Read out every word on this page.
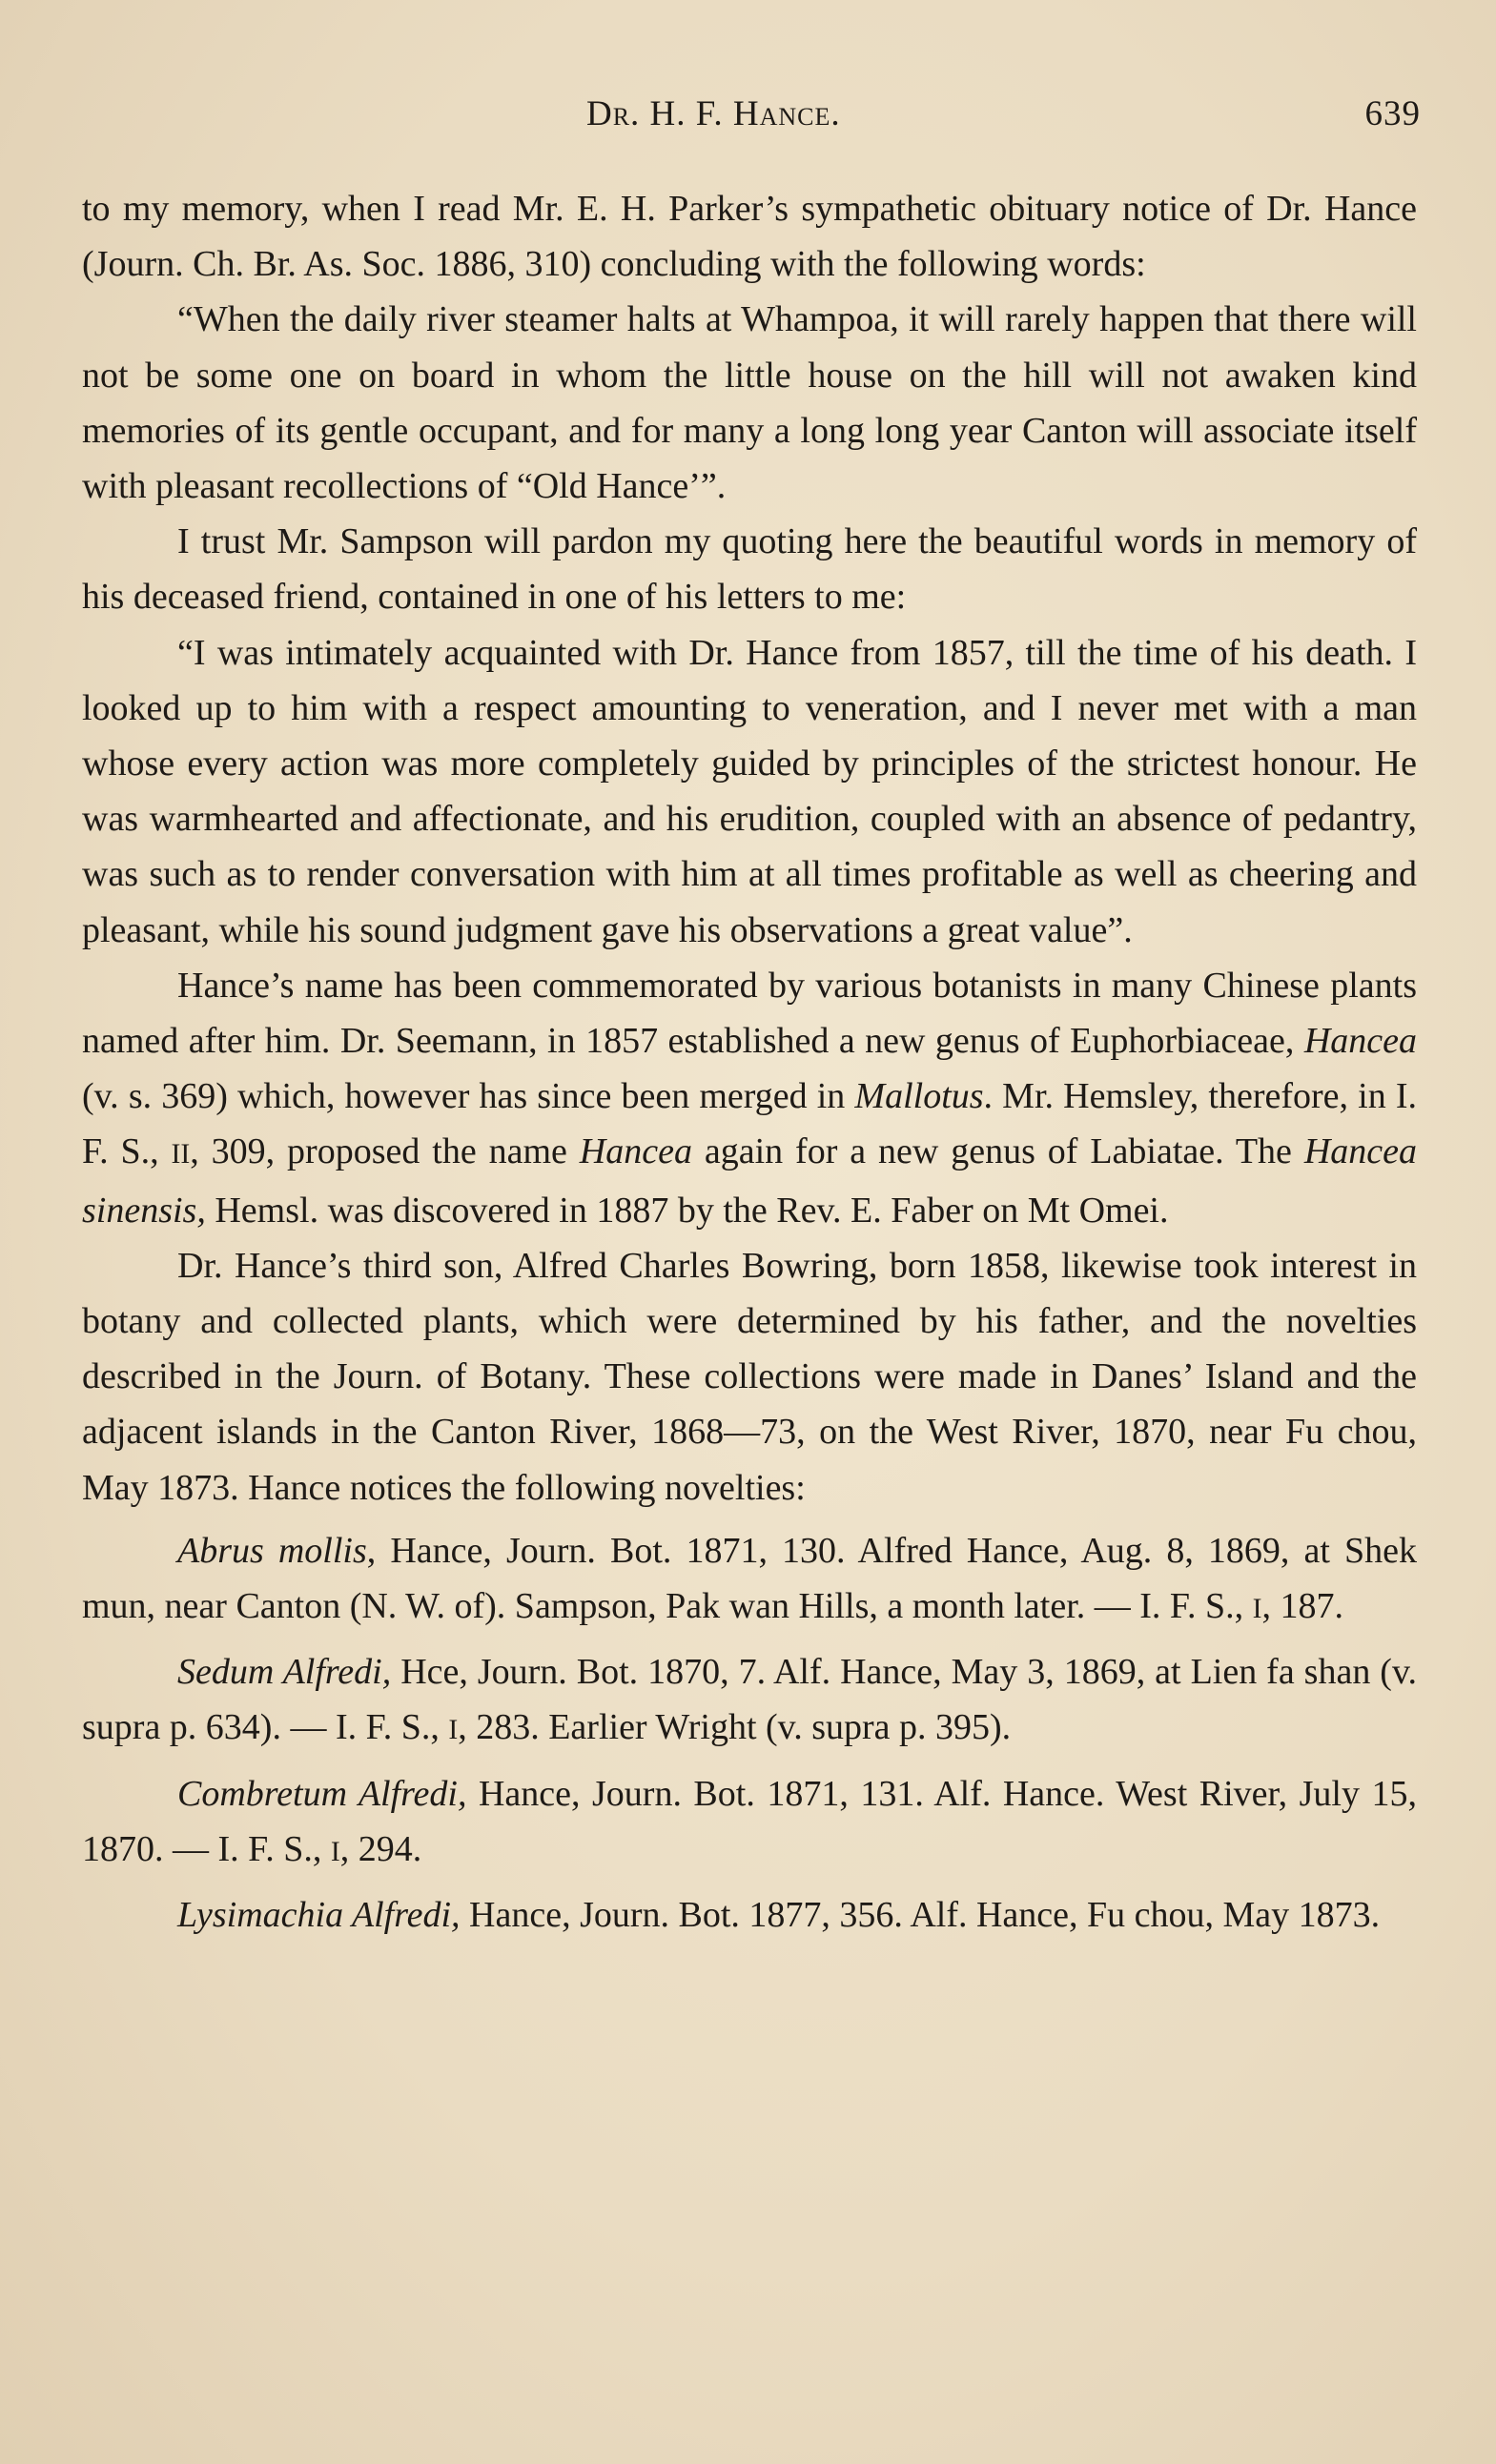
Dr. H. F. Hance.	639

to my memory, when I read Mr. E. H. Parker’s sympathetic obituary notice of Dr. Hance (Journ. Ch. Br. As. Soc. 1886, 310) concluding with the following words:

“When the daily river steamer halts at Whampoa, it will rarely happen that there will not be some one on board in whom the little house on the hill will not awaken kind memories of its gentle occupant, and for many a long long year Canton will associate itself with pleasant recollections of “Old Hance’”.

I trust Mr. Sampson will pardon my quoting here the beautiful words in memory of his deceased friend, contained in one of his letters to me:

“I was intimately acquainted with Dr. Hance from 1857, till the time of his death. I looked up to him with a respect amounting to veneration, and I never met with a man whose every action was more completely guided by principles of the strictest honour. He was warmhearted and affectionate, and his erudition, coupled with an absence of pedantry, was such as to render conversation with him at all times profitable as well as cheering and pleasant, while his sound judgment gave his observations a great value”.

Hance’s name has been commemorated by various botanists in many Chinese plants named after him. Dr. Seemann, in 1857 established a new genus of Euphorbiaceae, Hancea (v. s. 369) which, however has since been merged in Mallotus. Mr. Hemsley, therefore, in I. F. S., II, 309, proposed the name Hancea again for a new genus of Labiatae. The Hancea sinensis, Hemsl. was discovered in 1887 by the Rev. E. Faber on Mt Omei.

Dr. Hance’s third son, Alfred Charles Bowring, born 1858, likewise took interest in botany and collected plants, which were determined by his father, and the novelties described in the Journ. of Botany. These collections were made in Danes’ Island and the adjacent islands in the Canton River, 1868—73, on the West River, 1870, near Fu chou, May 1873. Hance notices the following novelties:

Abrus mollis, Hance, Journ. Bot. 1871, 130. Alfred Hance, Aug. 8, 1869, at Shek mun, near Canton (N. W. of). Sampson, Pak wan Hills, a month later. — I. F. S., I, 187.

Sedum Alfredi, Hce, Journ. Bot. 1870, 7. Alf. Hance, May 3, 1869, at Lien fa shan (v. supra p. 634). — I. F. S., I, 283. Earlier Wright (v. supra p. 395).

Combretum Alfredi, Hance, Journ. Bot. 1871, 131. Alf. Hance. West River, July 15, 1870. — I. F. S., I, 294.

Lysimachia Alfredi, Hance, Journ. Bot. 1877, 356. Alf. Hance, Fu chou, May 1873.
